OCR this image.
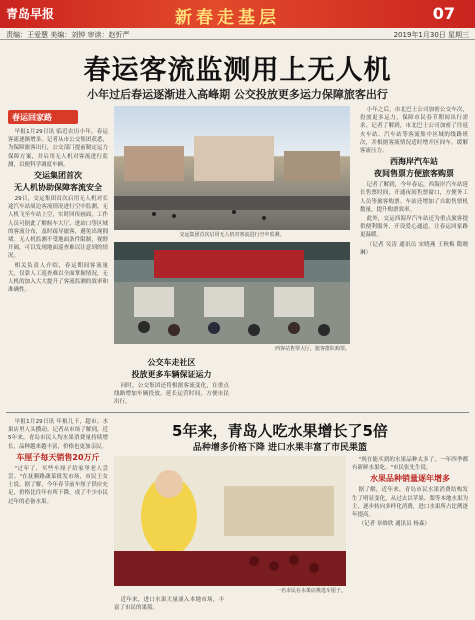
青岛早报	新春走基层	07
责编：王爱慧 美编：刘钟 审读：赵忻严	2019年1月30日 星期三
春运客流监测用上无人机
小年过后春运逐渐进入高峰期 公交投放更多运力保障旅客出行
春运回家路

早报1月29日讯 临近农历小年，春运客流逐渐增多。记者从市公交集团获悉，为保障旅客出行，公交部门提前制定运力保障方案，并启用无人机对客流进行监测，以便科学调度车辆。

交运集团首次
无人机协助保障客流安全

29日，交运集团首次启用无人机对长途汽车站周边客流情况进行空中监测。无人机飞至车站上空，实时回传画面，工作人员可据此了解候车大厅、进站口等区域的客流分布，及时疏导旅客，避免出现拥堵。无人机监测不受地面条件限制，视野开阔，可以发现地面巡查难以注意到的情况。

相关负责人介绍，春运期间客流量大，仅靠人工巡查难以全面掌握情况，无人机的加入大大提升了客流监测的效率和准确性。

交运集团首次启用无人机对客流进行空中监测。
西客站售票大厅，旅客排队购票。
公交车走社区
投放更多车辆保证运力

同时，公交集团还将根据客流变化，在重点线路增加车辆投放，延长运营时间，方便市民出行。

小年之后，市北巴士公司加密公交车次，投放更多运力，保障市民春节期间出行需求。记者了解到，市北巴士公司加密了往返火车站、汽车站等客流集中区域的线路班次，并根据客流情况适时增开区间车，缓解客流压力。

西海岸汽车站
夜间售票方便旅客购票

记者了解到，今年春运，西海岸汽车站延长售票时间，开通夜间售票窗口，方便务工人员等旅客购票。车站还增加了自助售票机数量，提升购票效率。

此外，交运西海岸汽车站还为重点旅客提供便利服务，开设爱心通道，让春运回家路更温暖。

（记者 吴涛 通讯员 宋晓燕 王秋梅 隋晓琳）

5年来，青岛人吃水果增长了5倍
品种增多价格下降 进口水果丰富了市民果篮

早报1月29日讯 年根儿下，超市、水果店里人头攒动。记者从市场了解到，近5年来，青岛市民人均水果消费量持续增长，品种越来越丰富，价格也更加亲民。

车厘子每天销售20万斤

"过年了，买些车厘子给家里老人尝尝。"在抚顺路蔬菜批发市场，市民王女士说。据了解，今年春节前车厘子供应充足，价格比往年有所下降，成了不少市民过年的必备水果。

一名市民在水果店挑选车厘子。

近年来，进口水果大量涌入本地市场，丰富了市民的果篮。

"现在能买到的水果品种太多了，一年四季都有新鲜水果吃。"市民张先生说。

水果品种销量逐年增多

据了解，近年来，青岛市民水果消费结构发生了明显变化，从过去以苹果、梨等本地水果为主，逐步转向多样化消费，进口水果所占比例逐年提高。

（记者 章维欣 通讯员 杨森）
